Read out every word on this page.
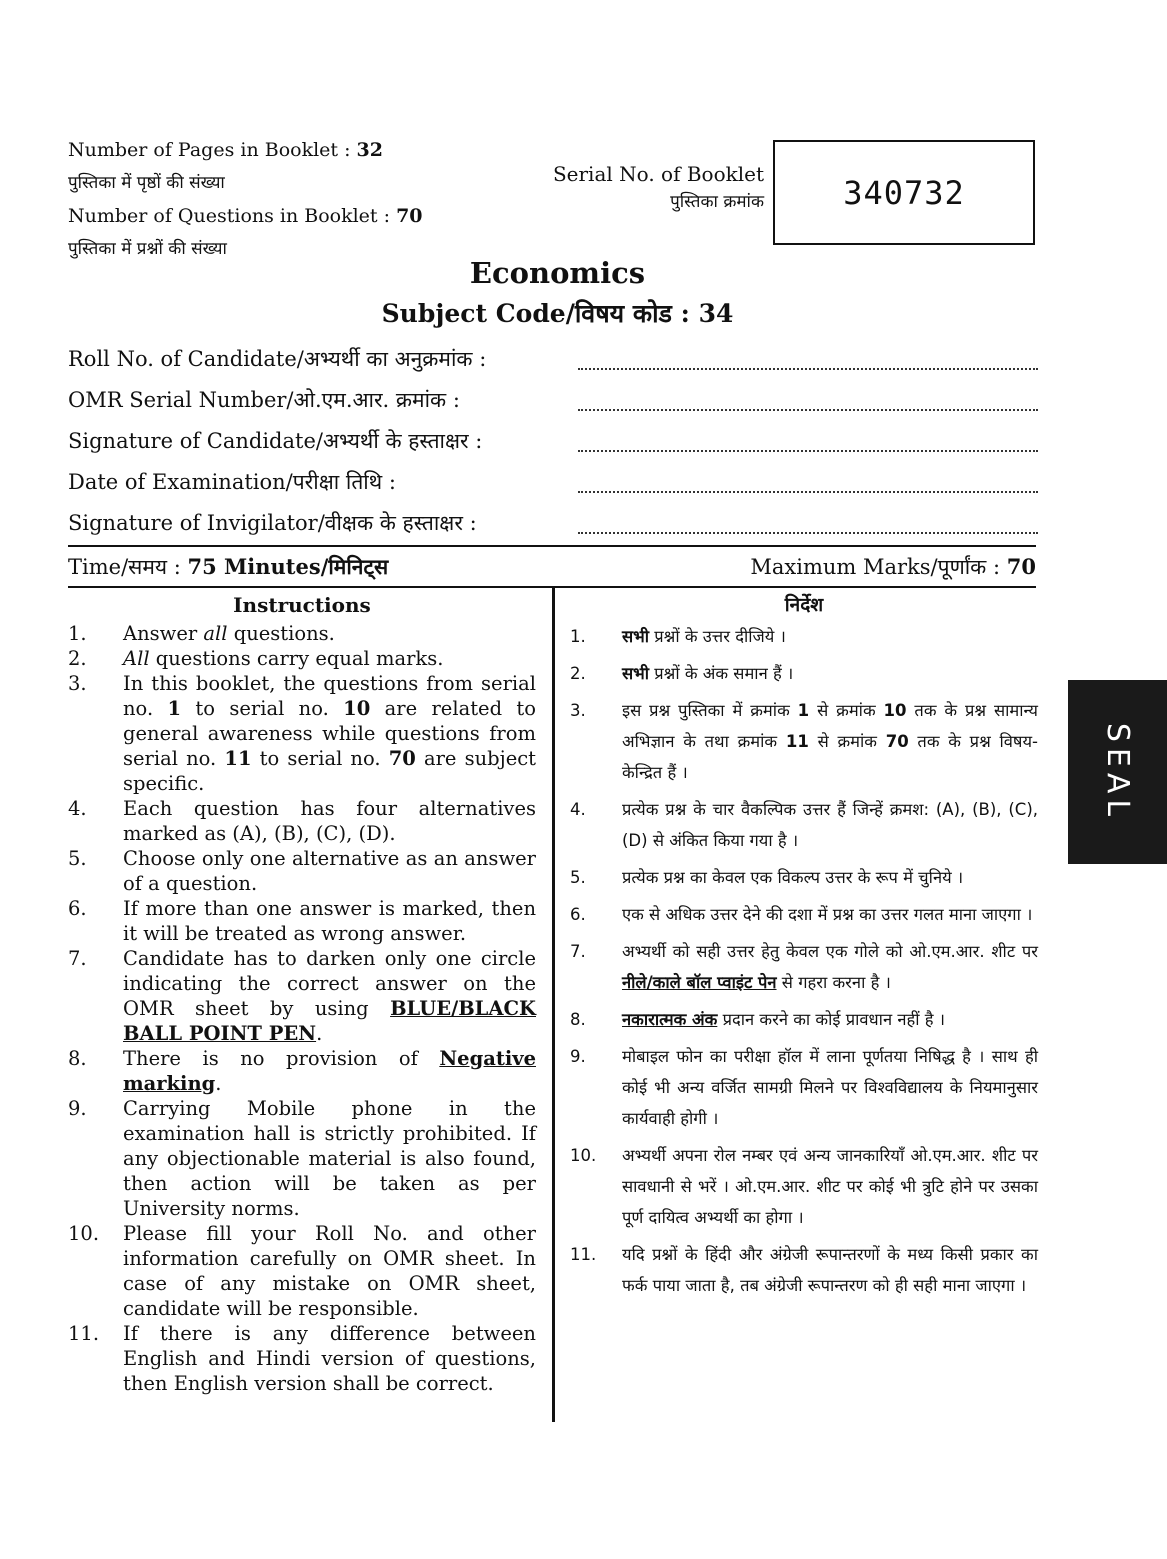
Number of Pages in Booklet : 32
पुस्तिका में पृष्ठों की संख्या
Number of Questions in Booklet : 70
पुस्तिका में प्रश्नों की संख्या
Serial No. of Booklet
पुस्तिका क्रमांक 340732
Economics
Subject Code/विषय कोड : 34
Roll No. of Candidate/अभ्यर्थी का अनुक्रमांक :
OMR Serial Number/ओ.एम.आर. क्रमांक :
Signature of Candidate/अभ्यर्थी के हस्ताक्षर :
Date of Examination/परीक्षा तिथि :
Signature of Invigilator/वीक्षक के हस्ताक्षर :
Time/समय : 75 Minutes/मिनिट्स	Maximum Marks/पूर्णांक : 70
Instructions
1. Answer all questions.
2. All questions carry equal marks.
3. In this booklet, the questions from serial no. 1 to serial no. 10 are related to general awareness while questions from serial no. 11 to serial no. 70 are subject specific.
4. Each question has four alternatives marked as (A), (B), (C), (D).
5. Choose only one alternative as an answer of a question.
6. If more than one answer is marked, then it will be treated as wrong answer.
7. Candidate has to darken only one circle indicating the correct answer on the OMR sheet by using BLUE/BLACK BALL POINT PEN.
8. There is no provision of Negative marking.
9. Carrying Mobile phone in the examination hall is strictly prohibited. If any objectionable material is also found, then action will be taken as per University norms.
10. Please fill your Roll No. and other information carefully on OMR sheet. In case of any mistake on OMR sheet, candidate will be responsible.
11. If there is any difference between English and Hindi version of questions, then English version shall be correct.
निर्देश
1. सभी प्रश्नों के उत्तर दीजिये ।
2. सभी प्रश्नों के अंक समान हैं ।
3. इस प्रश्न पुस्तिका में क्रमांक 1 से क्रमांक 10 तक के प्रश्न सामान्य अभिज्ञान के तथा क्रमांक 11 से क्रमांक 70 तक के प्रश्न विषय-केन्द्रित हैं ।
4. प्रत्येक प्रश्न के चार वैकल्पिक उत्तर हैं जिन्हें क्रमश: (A), (B), (C), (D) से अंकित किया गया है ।
5. प्रत्येक प्रश्न का केवल एक विकल्प उत्तर के रूप में चुनिये ।
6. एक से अधिक उत्तर देने की दशा में प्रश्न का उत्तर गलत माना जाएगा ।
7. अभ्यर्थी को सही उत्तर हेतु केवल एक गोले को ओ.एम.आर. शीट पर नीले/काले बॉल प्वाइंट पेन से गहरा करना है ।
8. नकारात्मक अंक प्रदान करने का कोई प्रावधान नहीं है ।
9. मोबाइल फोन का परीक्षा हॉल में लाना पूर्णतया निषिद्ध है । साथ ही कोई भी अन्य वर्जित सामग्री मिलने पर विश्वविद्यालय के नियमानुसार कार्यवाही होगी ।
10. अभ्यर्थी अपना रोल नम्बर एवं अन्य जानकारियाँ ओ.एम.आर. शीट पर सावधानी से भरें । ओ.एम.आर. शीट पर कोई भी त्रुटि होने पर उसका पूर्ण दायित्व अभ्यर्थी का होगा ।
11. यदि प्रश्नों के हिंदी और अंग्रेजी रूपान्तरणों के मध्य किसी प्रकार का फर्क पाया जाता है, तब अंग्रेजी रूपान्तरण को ही सही माना जाएगा ।
SEAL
